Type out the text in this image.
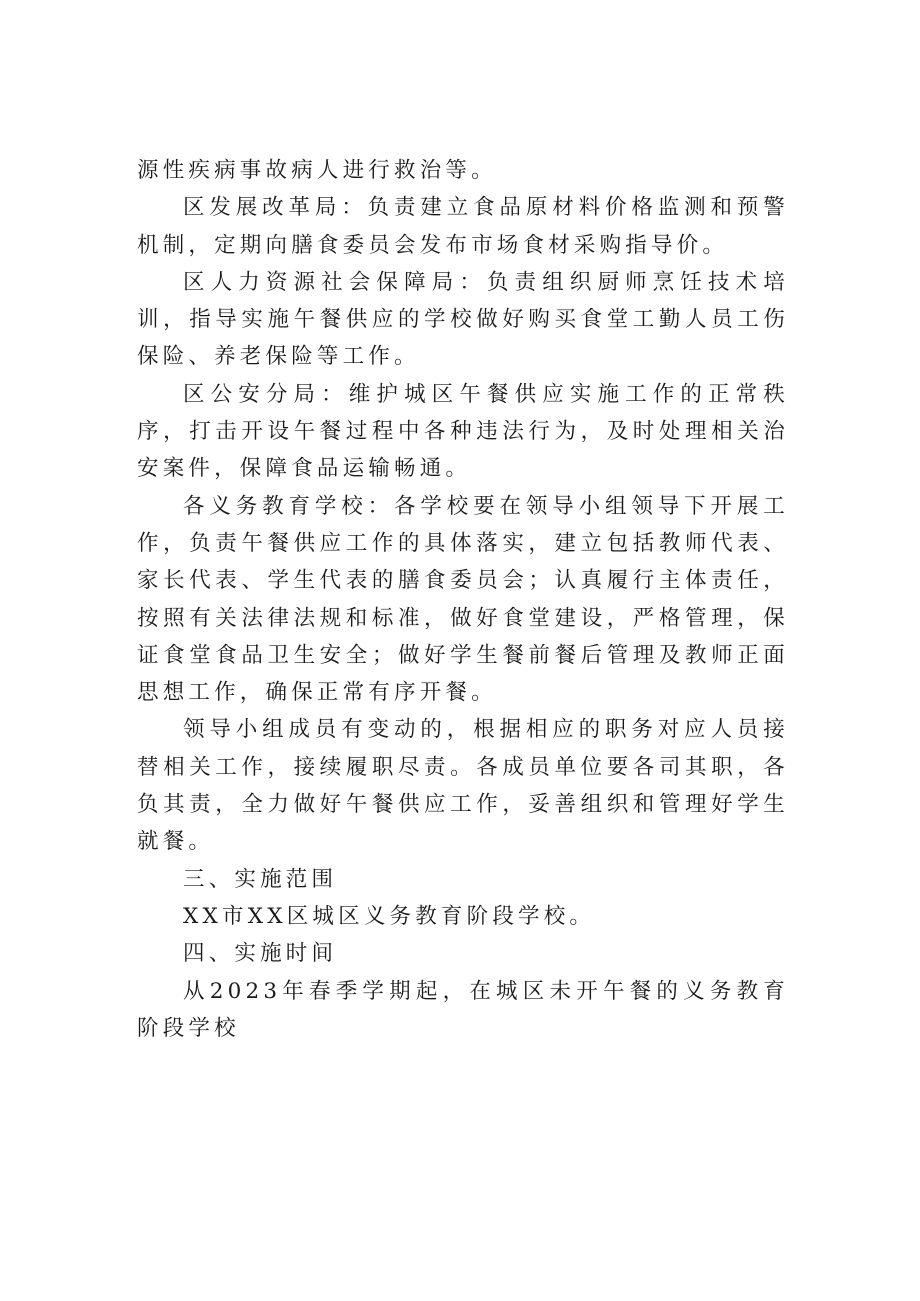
源性疾病事故病人进行救治等。

区发展改革局：负责建立食品原材料价格监测和预警机制，定期向膳食委员会发布市场食材采购指导价。

区人力资源社会保障局：负责组织厨师烹饪技术培训，指导实施午餐供应的学校做好购买食堂工勤人员工伤保险、养老保险等工作。

区公安分局：维护城区午餐供应实施工作的正常秩序，打击开设午餐过程中各种违法行为，及时处理相关治安案件，保障食品运输畅通。

各义务教育学校：各学校要在领导小组领导下开展工作，负责午餐供应工作的具体落实，建立包括教师代表、家长代表、学生代表的膳食委员会；认真履行主体责任，按照有关法律法规和标准，做好食堂建设，严格管理，保证食堂食品卫生安全；做好学生餐前餐后管理及教师正面思想工作，确保正常有序开餐。

领导小组成员有变动的，根据相应的职务对应人员接替相关工作，接续履职尽责。各成员单位要各司其职，各负其责，全力做好午餐供应工作，妥善组织和管理好学生就餐。

三、实施范围

XX市XX区城区义务教育阶段学校。

四、实施时间

从2023年春季学期起，在城区未开午餐的义务教育阶段学校
